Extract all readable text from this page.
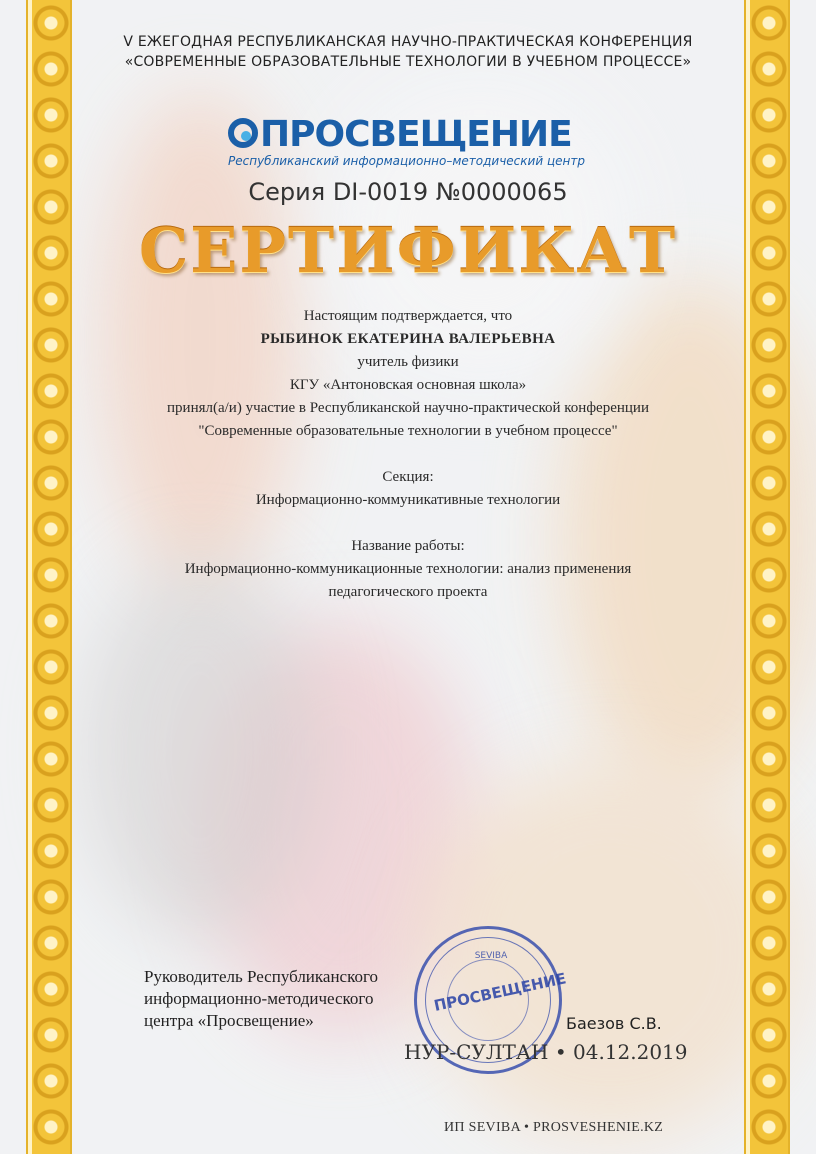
V ЕЖЕГОДНАЯ РЕСПУБЛИКАНСКАЯ НАУЧНО-ПРАКТИЧЕСКАЯ КОНФЕРЕНЦИЯ
«СОВРЕМЕННЫЕ ОБРАЗОВАТЕЛЬНЫЕ ТЕХНОЛОГИИ В УЧЕБНОМ ПРОЦЕССЕ»
ПРОСВЕЩЕНИЕ
Республиканский информационно–методический центр
Серия DI-0019 №0000065
СЕРТИФИКАТ
Настоящим подтверждается, что
РЫБИНОК ЕКАТЕРИНА ВАЛЕРЬЕВНА
учитель физики
КГУ «Антоновская основная школа»
принял(а/и) участие в Республиканской научно-практической конференции
"Современные образовательные технологии в учебном процессе"
Секция:
Информационно-коммуникативные технологии
Название работы:
Информационно-коммуникационные технологии: анализ применения
педагогического проекта
Руководитель Республиканского
информационно-методического
центра «Просвещение»
SEVIBA
ПРОСВЕЩЕНИЕ
Баезов С.В.
НУР-СУЛТАН • 04.12.2019
ИП SEVIBA • PROSVESHENIE.KZ
